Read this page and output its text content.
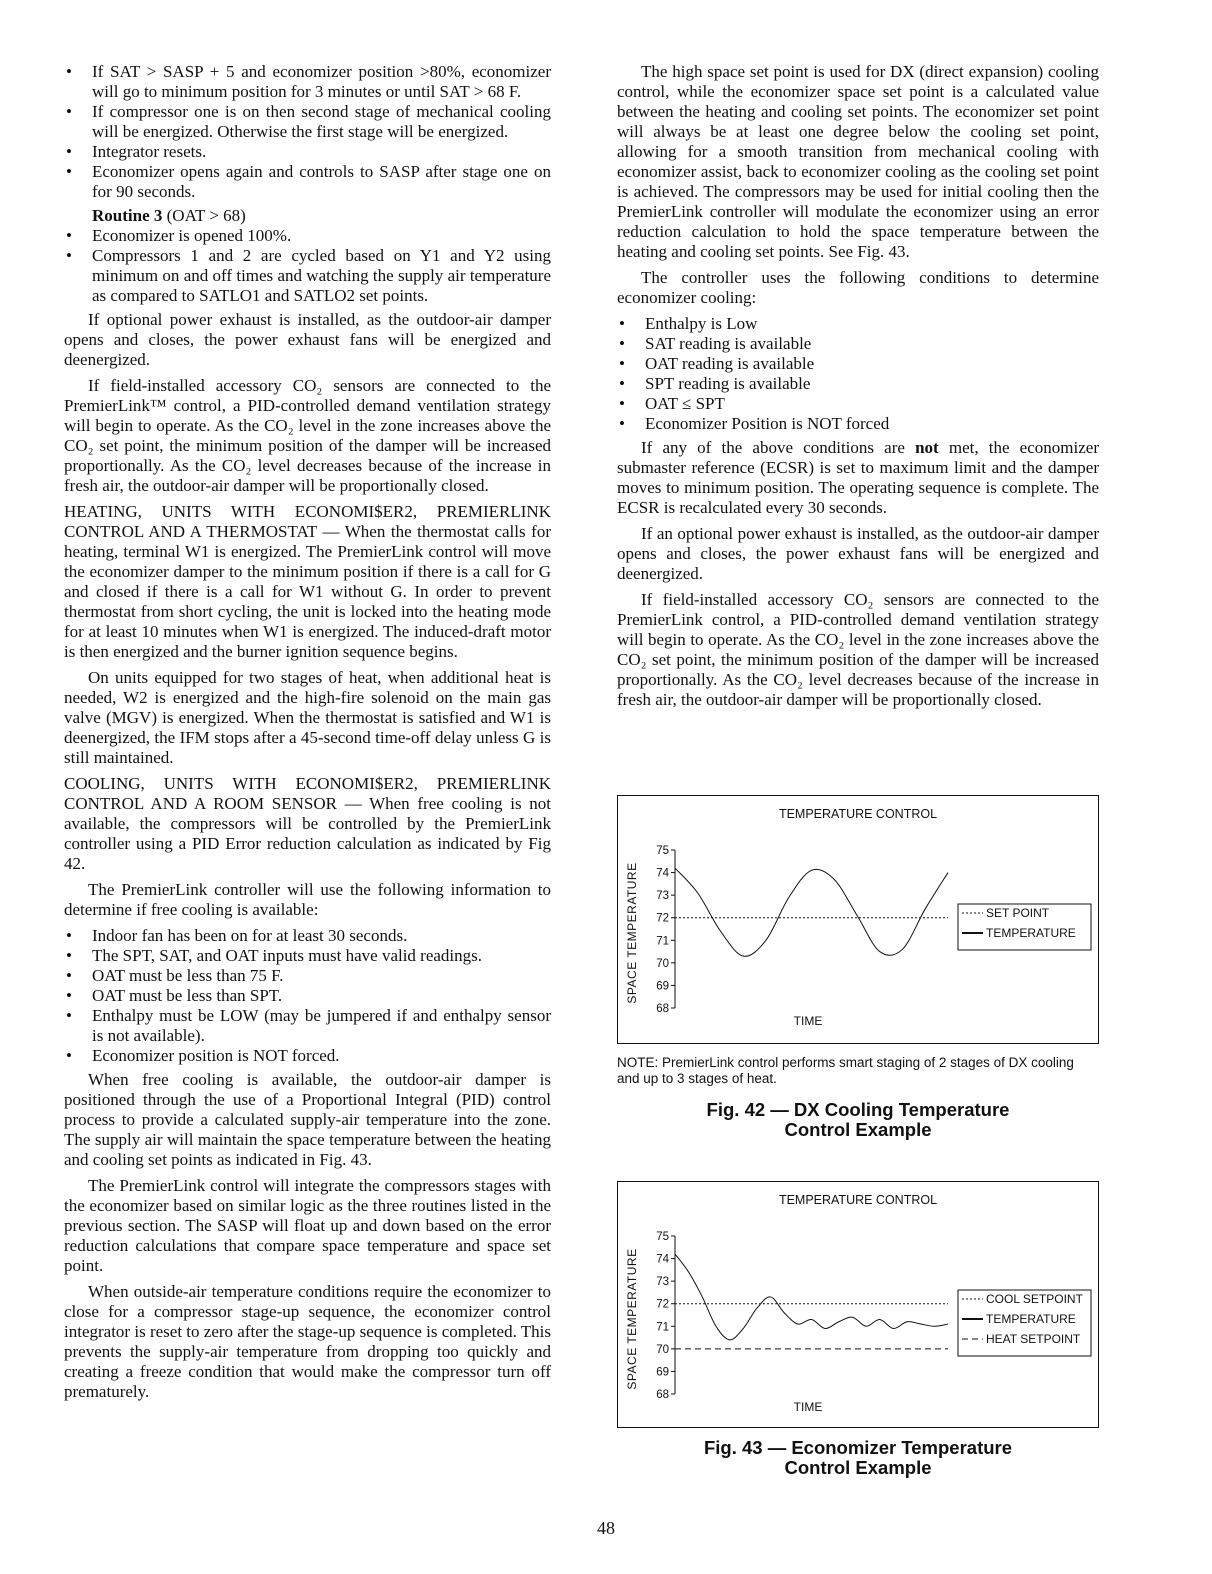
• If SAT > SASP + 5 and economizer position >80%, economizer will go to minimum position for 3 minutes or until SAT > 68 F.
• If compressor one is on then second stage of mechanical cooling will be energized. Otherwise the first stage will be energized.
• Integrator resets.
• Economizer opens again and controls to SASP after stage one on for 90 seconds.

Routine 3 (OAT > 68)

• Economizer is opened 100%.
• Compressors 1 and 2 are cycled based on Y1 and Y2 using minimum on and off times and watching the supply air temperature as compared to SATLO1 and SATLO2 set points.

If optional power exhaust is installed, as the outdoor-air damper opens and closes, the power exhaust fans will be energized and deenergized.

If field-installed accessory CO₂ sensors are connected to the PremierLink™ control, a PID-controlled demand ventilation strategy will begin to operate. As the CO₂ level in the zone increases above the CO₂ set point, the minimum position of the damper will be increased proportionally. As the CO₂ level decreases because of the increase in fresh air, the outdoor-air damper will be proportionally closed.

HEATING, UNITS WITH ECONOMI$ER2, PREMIERLINK CONTROL AND A THERMOSTAT — When the thermostat calls for heating, terminal W1 is energized. The PremierLink control will move the economizer damper to the minimum position if there is a call for G and closed if there is a call for W1 without G. In order to prevent thermostat from short cycling, the unit is locked into the heating mode for at least 10 minutes when W1 is energized. The induced-draft motor is then energized and the burner ignition sequence begins.

On units equipped for two stages of heat, when additional heat is needed, W2 is energized and the high-fire solenoid on the main gas valve (MGV) is energized. When the thermostat is satisfied and W1 is deenergized, the IFM stops after a 45-second time-off delay unless G is still maintained.

COOLING, UNITS WITH ECONOMI$ER2, PREMIERLINK CONTROL AND A ROOM SENSOR — When free cooling is not available, the compressors will be controlled by the PremierLink controller using a PID Error reduction calculation as indicated by Fig 42.

The PremierLink controller will use the following information to determine if free cooling is available:

• Indoor fan has been on for at least 30 seconds.
• The SPT, SAT, and OAT inputs must have valid readings.
• OAT must be less than 75 F.
• OAT must be less than SPT.
• Enthalpy must be LOW (may be jumpered if and enthalpy sensor is not available).
• Economizer position is NOT forced.

When free cooling is available, the outdoor-air damper is positioned through the use of a Proportional Integral (PID) control process to provide a calculated supply-air temperature into the zone. The supply air will maintain the space temperature between the heating and cooling set points as indicated in Fig. 43.

The PremierLink control will integrate the compressors stages with the economizer based on similar logic as the three routines listed in the previous section. The SASP will float up and down based on the error reduction calculations that compare space temperature and space set point.

When outside-air temperature conditions require the economizer to close for a compressor stage-up sequence, the economizer control integrator is reset to zero after the stage-up sequence is completed. This prevents the supply-air temperature from dropping too quickly and creating a freeze condition that would make the compressor turn off prematurely.

The high space set point is used for DX (direct expansion) cooling control, while the economizer space set point is a calculated value between the heating and cooling set points. The economizer set point will always be at least one degree below the cooling set point, allowing for a smooth transition from mechanical cooling with economizer assist, back to economizer cooling as the cooling set point is achieved. The compressors may be used for initial cooling then the PremierLink controller will modulate the economizer using an error reduction calculation to hold the space temperature between the heating and cooling set points. See Fig. 43.

The controller uses the following conditions to determine economizer cooling:

• Enthalpy is Low
• SAT reading is available
• OAT reading is available
• SPT reading is available
• OAT ≤ SPT
• Economizer Position is NOT forced

If any of the above conditions are not met, the economizer submaster reference (ECSR) is set to maximum limit and the damper moves to minimum position. The operating sequence is complete. The ECSR is recalculated every 30 seconds.

If an optional power exhaust is installed, as the outdoor-air damper opens and closes, the power exhaust fans will be energized and deenergized.

If field-installed accessory CO₂ sensors are connected to the PremierLink control, a PID-controlled demand ventilation strategy will begin to operate. As the CO₂ level in the zone increases above the CO₂ set point, the minimum position of the damper will be increased proportionally. As the CO₂ level decreases because of the increase in fresh air, the outdoor-air damper will be proportionally closed.

TEMPERATURE CONTROL
SPACE TEMPERATURE
75
74
73
72
71
70
69
68
TIME
SET POINT
TEMPERATURE
NOTE: PremierLink control performs smart staging of 2 stages of DX cooling and up to 3 stages of heat.
Fig. 42 — DX Cooling Temperature
Control Example
TEMPERATURE CONTROL
SPACE TEMPERATURE
75
74
73
72
71
70
69
68
TIME
COOL SETPOINT
TEMPERATURE
HEAT SETPOINT
Fig. 43 — Economizer Temperature
Control Example
48
